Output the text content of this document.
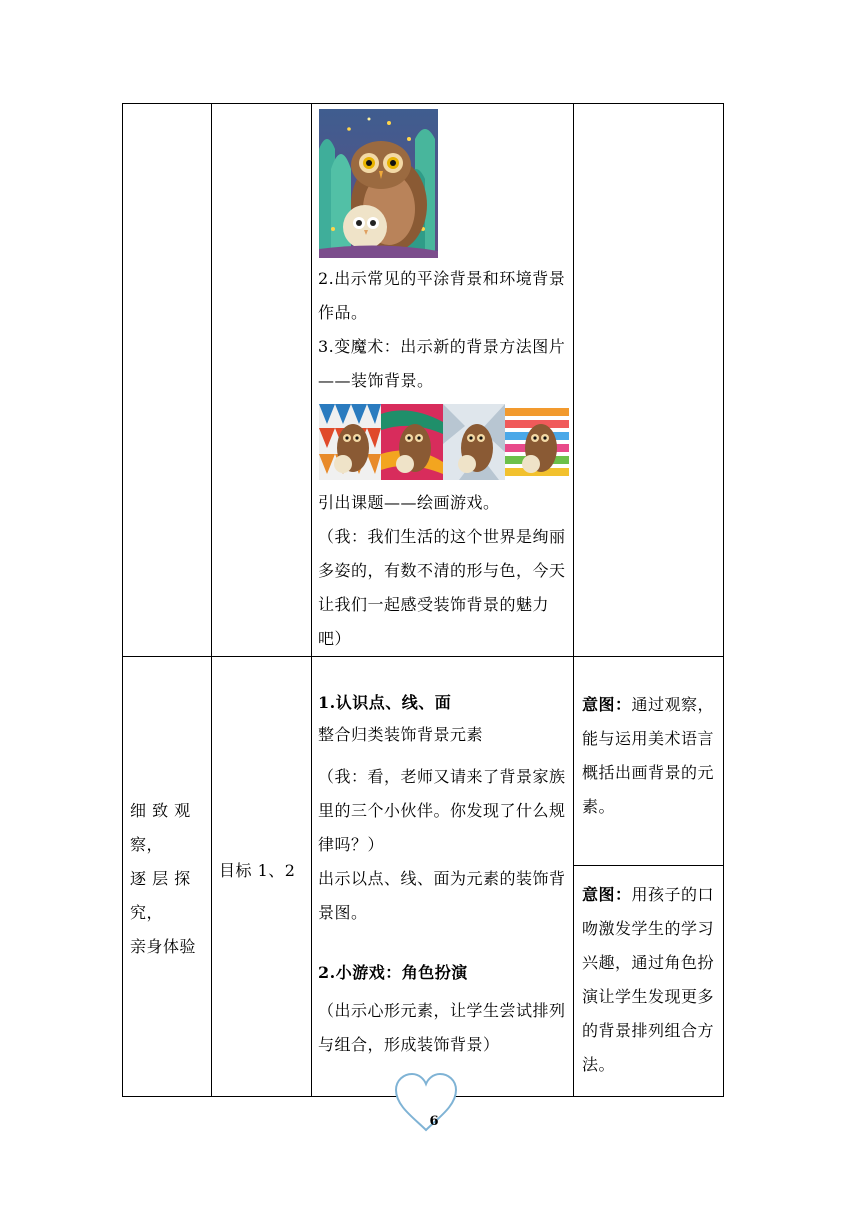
2.出示常见的平涂背景和环境背景作品。
3.变魔术：出示新的背景方法图片——装饰背景。
引出课题——绘画游戏。
（我：我们生活的这个世界是绚丽多姿的，有数不清的形与色，今天让我们一起感受装饰背景的魅力吧）
细 致 观
察，
逐 层 探
究，
亲身体验
目标 1、2
1.认识点、线、面
整合归类装饰背景元素
（我：看，老师又请来了背景家族里的三个小伙伴。你发现了什么规律吗？）
出示以点、线、面为元素的装饰背景图。
2.小游戏：角色扮演
（出示心形元素，让学生尝试排列与组合，形成装饰背景）
意图：通过观察，能与运用美术语言概括出画背景的元素。
意图：用孩子的口吻激发学生的学习兴趣，通过角色扮演让学生发现更多的背景排列组合方法。
6
